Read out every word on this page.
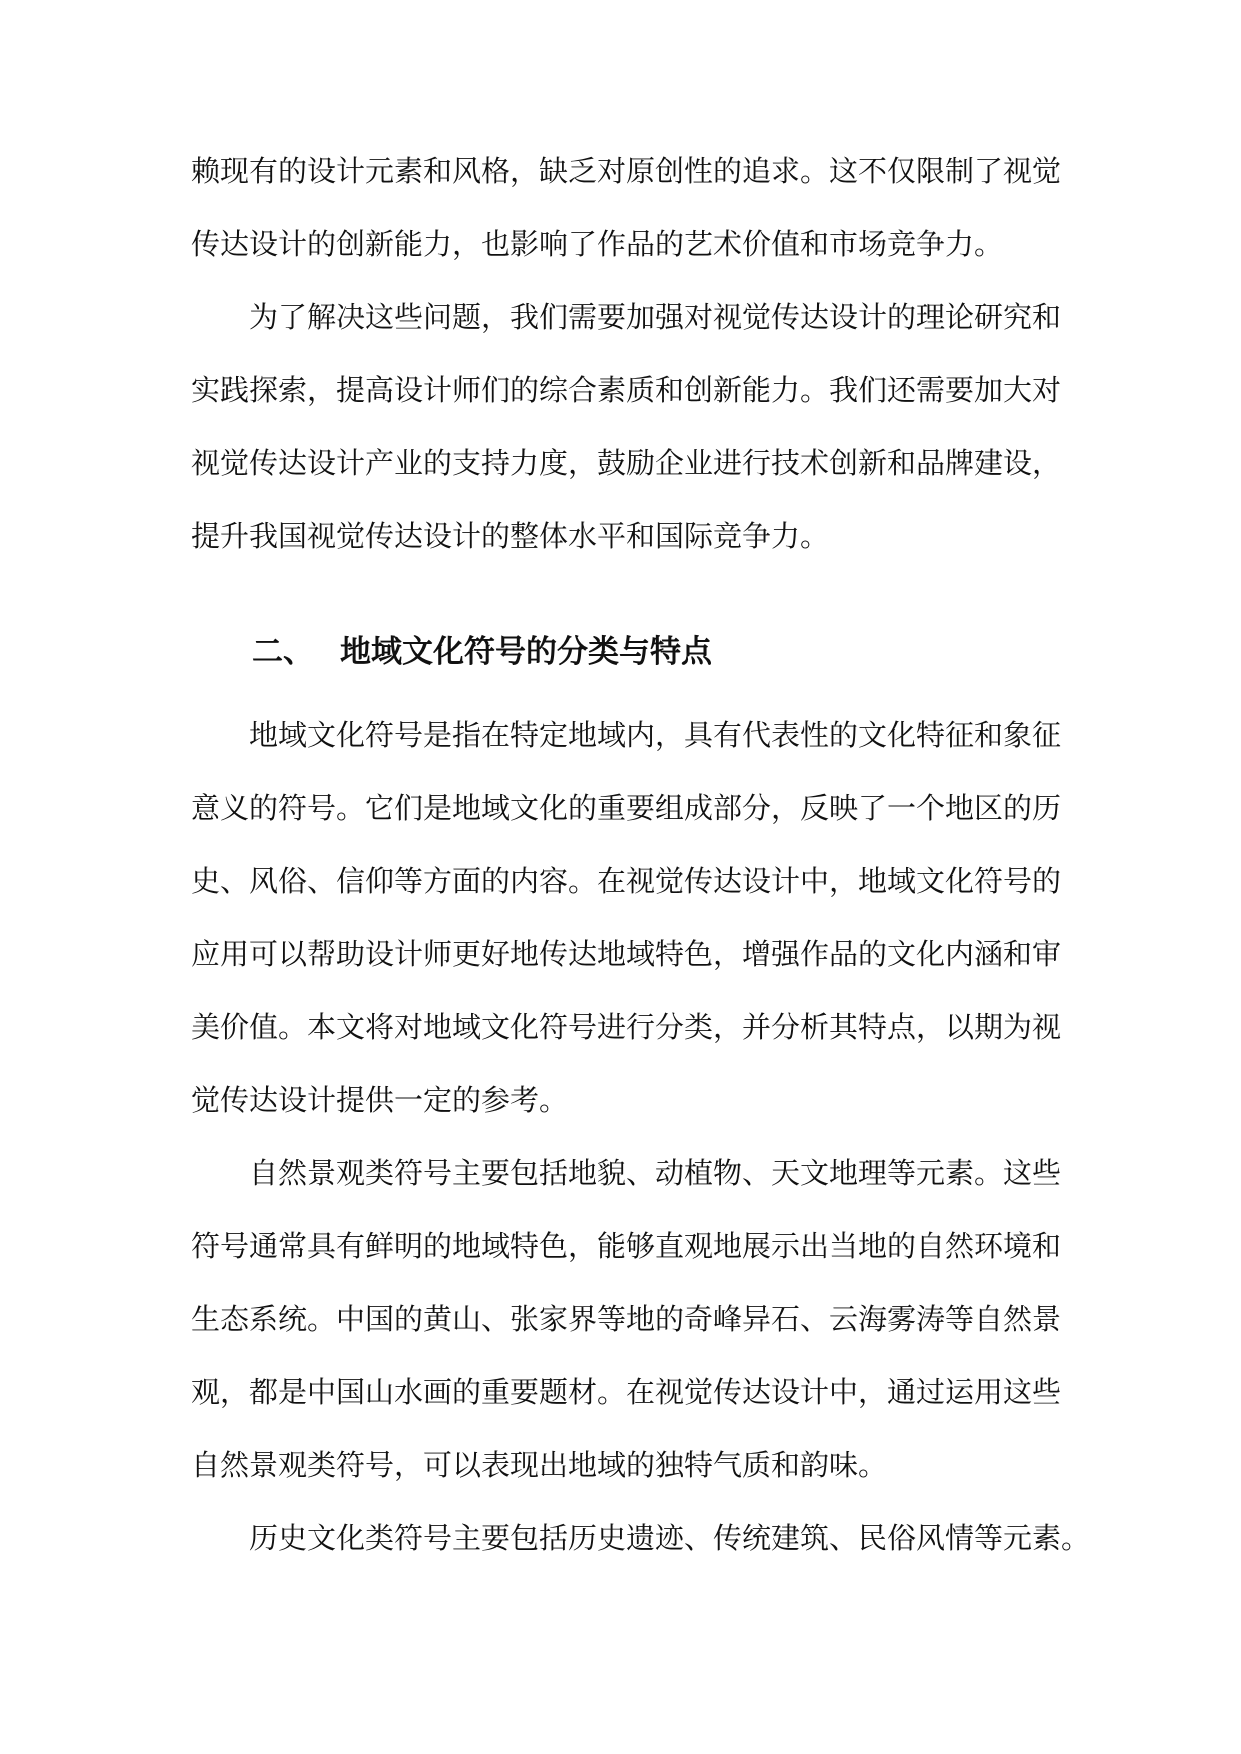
赖现有的设计元素和风格，缺乏对原创性的追求。这不仅限制了视觉
传达设计的创新能力，也影响了作品的艺术价值和市场竞争力。
为了解决这些问题，我们需要加强对视觉传达设计的理论研究和
实践探索，提高设计师们的综合素质和创新能力。我们还需要加大对
视觉传达设计产业的支持力度，鼓励企业进行技术创新和品牌建设，
提升我国视觉传达设计的整体水平和国际竞争力。
二、 地域文化符号的分类与特点
地域文化符号是指在特定地域内，具有代表性的文化特征和象征
意义的符号。它们是地域文化的重要组成部分，反映了一个地区的历
史、风俗、信仰等方面的内容。在视觉传达设计中，地域文化符号的
应用可以帮助设计师更好地传达地域特色，增强作品的文化内涵和审
美价值。本文将对地域文化符号进行分类，并分析其特点，以期为视
觉传达设计提供一定的参考。
自然景观类符号主要包括地貌、动植物、天文地理等元素。这些
符号通常具有鲜明的地域特色，能够直观地展示出当地的自然环境和
生态系统。中国的黄山、张家界等地的奇峰异石、云海雾涛等自然景
观，都是中国山水画的重要题材。在视觉传达设计中，通过运用这些
自然景观类符号，可以表现出地域的独特气质和韵味。
历史文化类符号主要包括历史遗迹、传统建筑、民俗风情等元素。
